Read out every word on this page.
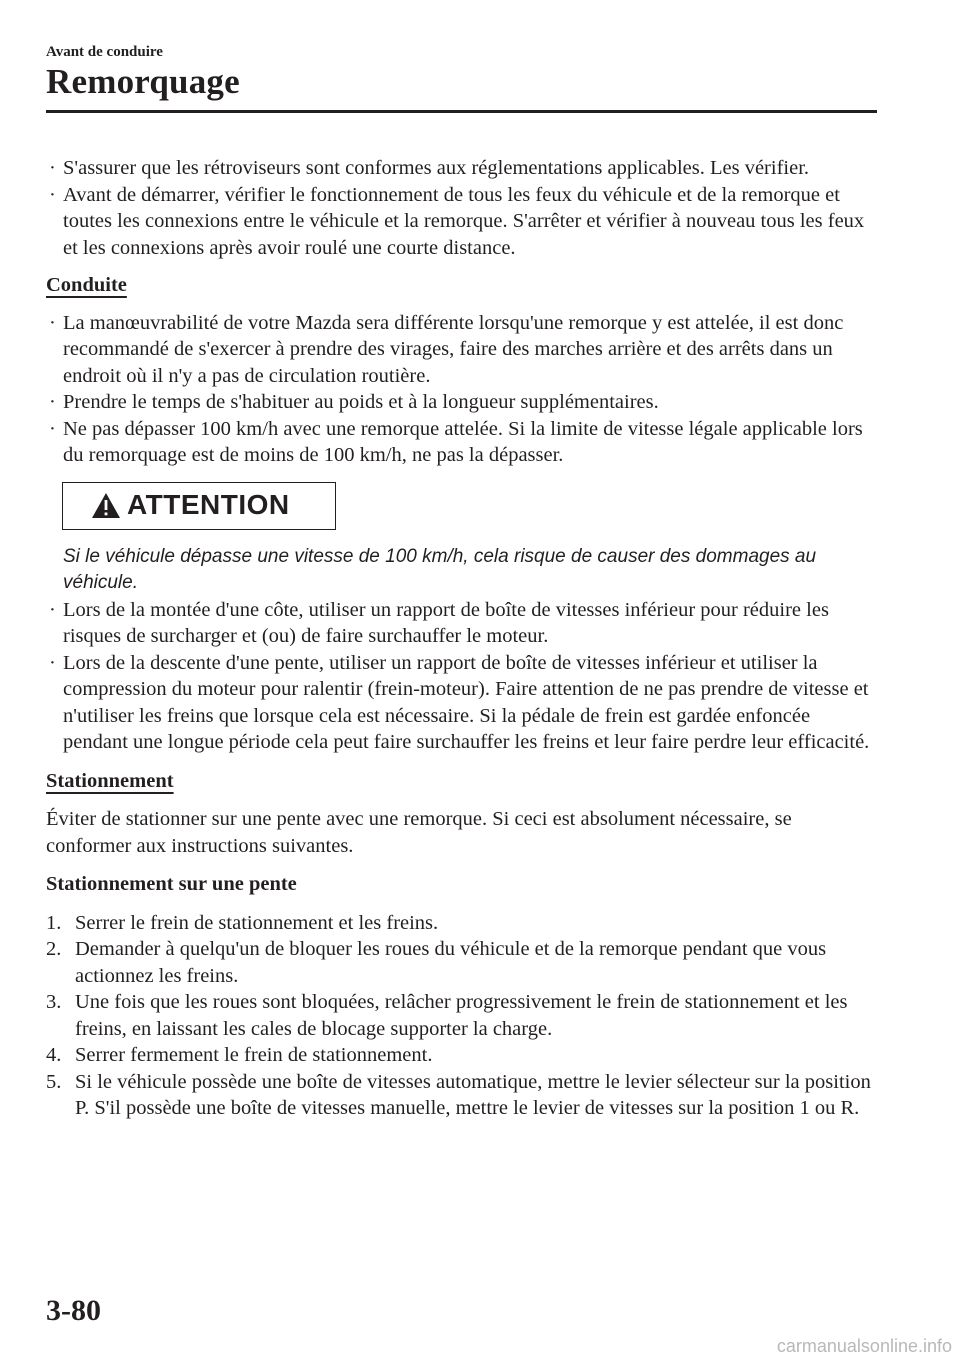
Avant de conduire
Remorquage

· S'assurer que les rétroviseurs sont conformes aux réglementations applicables. Les vérifier.

· Avant de démarrer, vérifier le fonctionnement de tous les feux du véhicule et de la remorque et toutes les connexions entre le véhicule et la remorque. S'arrêter et vérifier à nouveau tous les feux et les connexions après avoir roulé une courte distance.

Conduite

· La manœuvrabilité de votre Mazda sera différente lorsqu'une remorque y est attelée, il est donc recommandé de s'exercer à prendre des virages, faire des marches arrière et des arrêts dans un endroit où il n'y a pas de circulation routière.

· Prendre le temps de s'habituer au poids et à la longueur supplémentaires.

· Ne pas dépasser 100 km/h avec une remorque attelée. Si la limite de vitesse légale applicable lors du remorquage est de moins de 100 km/h, ne pas la dépasser.

ATTENTION
Si le véhicule dépasse une vitesse de 100 km/h, cela risque de causer des dommages au véhicule.

· Lors de la montée d'une côte, utiliser un rapport de boîte de vitesses inférieur pour réduire les risques de surcharger et (ou) de faire surchauffer le moteur.

· Lors de la descente d'une pente, utiliser un rapport de boîte de vitesses inférieur et utiliser la compression du moteur pour ralentir (frein-moteur). Faire attention de ne pas prendre de vitesse et n'utiliser les freins que lorsque cela est nécessaire. Si la pédale de frein est gardée enfoncée pendant une longue période cela peut faire surchauffer les freins et leur faire perdre leur efficacité.

Stationnement

Éviter de stationner sur une pente avec une remorque. Si ceci est absolument nécessaire, se conformer aux instructions suivantes.

Stationnement sur une pente

1. Serrer le frein de stationnement et les freins.

2. Demander à quelqu'un de bloquer les roues du véhicule et de la remorque pendant que vous actionnez les freins.

3. Une fois que les roues sont bloquées, relâcher progressivement le frein de stationnement et les freins, en laissant les cales de blocage supporter la charge.

4. Serrer fermement le frein de stationnement.

5. Si le véhicule possède une boîte de vitesses automatique, mettre le levier sélecteur sur la position P. S'il possède une boîte de vitesses manuelle, mettre le levier de vitesses sur la position 1 ou R.

3-80
carmanualsonline.info
